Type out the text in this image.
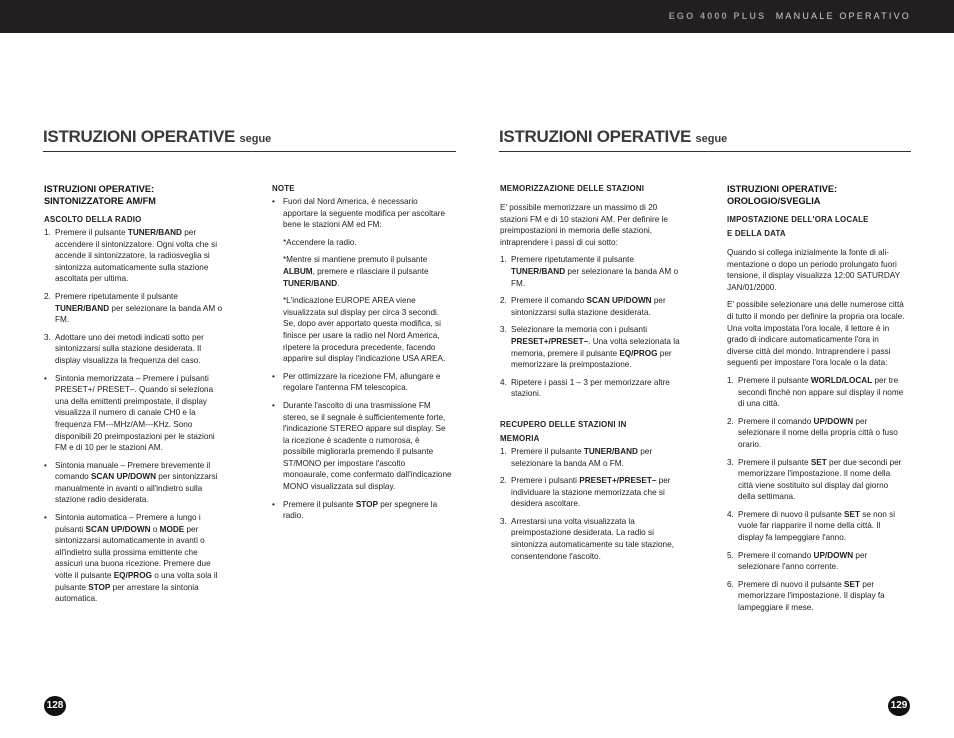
EGO 4000 PLUS MANUALE OPERATIVO
ISTRUZIONI OPERATIVE segue	ISTRUZIONI OPERATIVE segue
ISTRUZIONI OPERATIVE:
SINTONIZZATORE AM/FM
ASCOLTO DELLA RADIO
1. Premere il pulsante TUNER/BAND per accendere il sintonizzatore. Ogni volta che si accende il sintonizzatore, la radiosveglia si sintonizza automaticamente sulla stazione ascoltata per ultima.
2. Premere ripetutamente il pulsante TUNER/BAND per selezionare la banda AM o FM.
3. Adottare uno dei metodi indicati sotto per sintonizzarsi sulla stazione desiderata. Il display visualizza la frequenza del caso.
• Sintonia memorizzata – Premere i pulsanti PRESET+/ PRESET–. Quando si seleziona una della emittenti preimpostate, il display visualizza il numero di canale CH0 e la frequenza FM---MHz/AM---KHz. Sono disponibili 20 preimpostazioni per le stazioni FM e di 10 per le stazioni AM.
• Sintonia manuale – Premere brevemente il comando SCAN UP/DOWN per sintonizzarsi manualmente in avanti o all'indietro sulla stazione radio desiderata.
• Sintonia automatica – Premere a lungo i pulsanti SCAN UP/DOWN o MODE per sintonizzarsi automaticamente in avanti o all'indietro sulla prossima emittente che assicuri una buona ricezione. Premere due volte il pulsante EQ/PROG o una volta sola il pulsante STOP per arrestare la sintonia automatica.
NOTE
• Fuori dal Nord America, è necessario apportare la seguente modifica per ascoltare bene le stazioni AM ed FM:

*Accendere la radio.

*Mentre si mantiene premuto il pulsante ALBUM, premere e rilasciare il pulsante TUNER/BAND.

*L'indicazione EUROPE AREA viene visualizzata sul display per circa 3 secondi. Se, dopo aver apportato questa modifica, si finisce per usare la radio nel Nord America, ripetere la procedura precedente, facendo apparire sul display l'indicazione USA AREA.

• Per ottimizzare la ricezione FM, allungare e regolare l'antenna FM telescopica.
• Durante l'ascolto di una trasmissione FM stereo, se il segnale è sufficientemente forte, l'indicazione STEREO appare sul display. Se la ricezione è scadente o rumorosa, è possibile migliorarla premendo il pulsante ST/MONO per impostare l'ascolto monoaurale, come confermato dall'indicazione MONO visualizzata sul display.
• Premere il pulsante STOP per spegnere la radio.
MEMORIZZAZIONE DELLE STAZIONI

E' possibile memorizzare un massimo di 20 stazioni FM e di 10 stazioni AM. Per definire le preimpostazioni in memoria delle stazioni, intraprendere i passi di cui sotto:

1. Premere ripetutamente il pulsante TUNER/BAND per selezionare la banda AM o FM.
2. Premere il comando SCAN UP/DOWN per sintonizzarsi sulla stazione desiderata.
3. Selezionare la memoria con i pulsanti PRESET+/PRESET–. Una volta selezionata la memoria, premere il pulsante EQ/PROG per memorizzare la preimpostazione.
4. Ripetere i passi 1 – 3 per memorizzare altre stazioni.
RECUPERO DELLE STAZIONI IN
MEMORIA
1. Premere il pulsante TUNER/BAND per selezionare la banda AM o FM.
2. Premere i pulsanti PRESET+/PRESET– per individuare la stazione memorizzata che si desidera ascoltare.
3. Arrestarsi una volta visualizzata la preimpostazione desiderata. La radio si sintonizza automaticamente su tale stazione, consentendone l'ascolto.
ISTRUZIONI OPERATIVE:
OROLOGIO/SVEGLIA
IMPOSTAZIONE DELL'ORA LOCALE
E DELLA DATA

Quando si collega inizialmente la fonte di ali-mentazione o dopo un periodo prolungato fuori tensione, il display visualizza 12:00 SATURDAY JAN/01/2000.

E' possibile selezionare una delle numerose città di tutto il mondo per definire la propria ora locale. Una volta impostata l'ora locale, il lettore è in grado di indicare automaticamente l'ora in diverse città del mondo. Intraprendere i passi seguenti per impostare l'ora locale o la data:

1. Premere il pulsante WORLD/LOCAL per tre secondi finché non appare sul display il nome di una città.
2. Premere il comando UP/DOWN per selezionare il nome della propria città o fuso orario.
3. Premere il pulsante SET per due secondi per memorizzare l'impostazione. Il nome della città viene sostituito sul display dal giorno della settimana.
4. Premere di nuovo il pulsante SET se non si vuole far riapparire il nome della città. Il display fa lampeggiare l'anno.
5. Premere il comando UP/DOWN per selezionare l'anno corrente.
6. Premere di nuovo il pulsante SET per memorizzare l'impostazione. Il display fa lampeggiare il mese.
128	129
